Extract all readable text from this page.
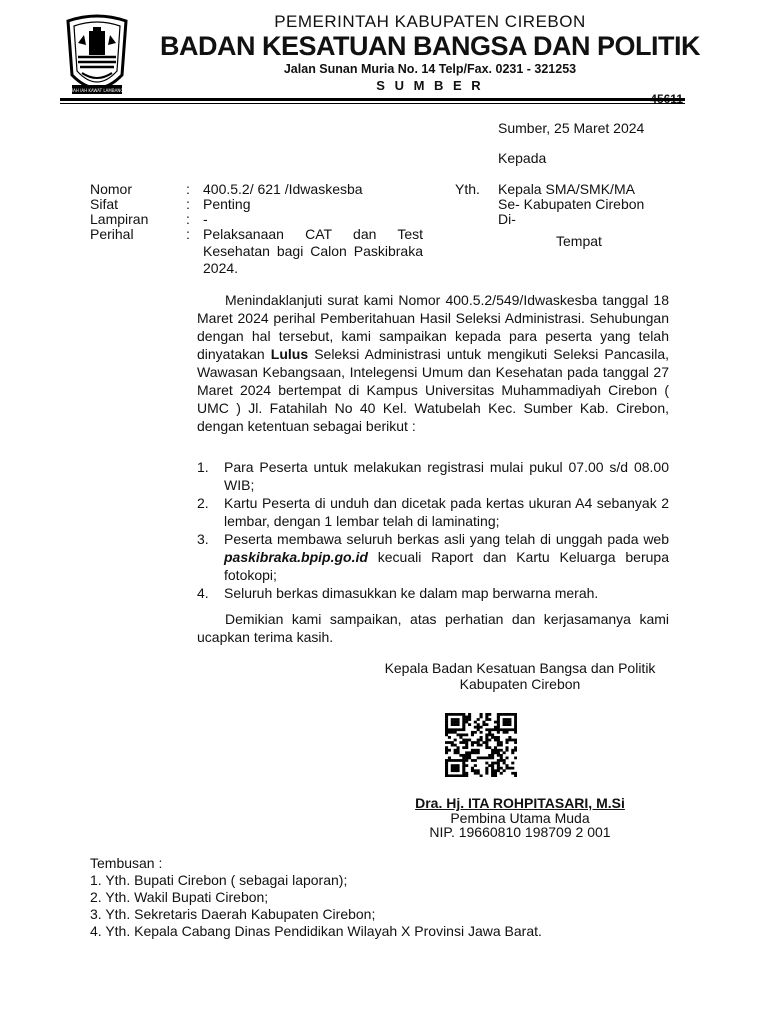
RAH IAH KAWAT LAMBANG
PEMERINTAH KABUPATEN CIREBON
BADAN KESATUAN BANGSA DAN POLITIK
Jalan Sunan Muria No. 14 Telp/Fax. 0231 - 321253
S U M B E R
45611
Sumber, 25 Maret 2024
Kepada
Nomor	: 400.5.2/ 621 /Idwaskesba
Sifat	: Penting
Lampiran	: -
Perihal	: Pelaksanaan CAT dan Test Kesehatan bagi Calon Paskibraka 2024.
Yth. Kepala SMA/SMK/MA
Se- Kabupaten Cirebon
Di-
Tempat
Menindaklanjuti surat kami Nomor 400.5.2/549/Idwaskesba tanggal 18 Maret 2024 perihal Pemberitahuan Hasil Seleksi Administrasi. Sehubungan dengan hal tersebut, kami sampaikan kepada para peserta yang telah dinyatakan Lulus Seleksi Administrasi untuk mengikuti Seleksi Pancasila, Wawasan Kebangsaan, Intelegensi Umum dan Kesehatan pada tanggal 27 Maret 2024 bertempat di Kampus Universitas Muhammadiyah Cirebon ( UMC ) Jl. Fatahilah No 40 Kel. Watubelah Kec. Sumber Kab. Cirebon, dengan ketentuan sebagai berikut :
1.	Para Peserta untuk melakukan registrasi mulai pukul 07.00 s/d 08.00 WIB;
2.	Kartu Peserta di unduh dan dicetak pada kertas ukuran A4 sebanyak 2 lembar, dengan 1 lembar telah di laminating;
3.	Peserta membawa seluruh berkas asli yang telah di unggah pada web paskibraka.bpip.go.id kecuali Raport dan Kartu Keluarga berupa fotokopi;
4.	Seluruh berkas dimasukkan ke dalam map berwarna merah.
Demikian kami sampaikan, atas perhatian dan kerjasamanya kami ucapkan terima kasih.
Kepala Badan Kesatuan Bangsa dan Politik
Kabupaten Cirebon
Dra. Hj. ITA ROHPITASARI, M.Si
Pembina Utama Muda
NIP. 19660810 198709 2 001
Tembusan :
1. Yth. Bupati Cirebon ( sebagai laporan);
2. Yth. Wakil Bupati Cirebon;
3. Yth. Sekretaris Daerah Kabupaten Cirebon;
4. Yth. Kepala Cabang Dinas Pendidikan Wilayah X Provinsi Jawa Barat.
